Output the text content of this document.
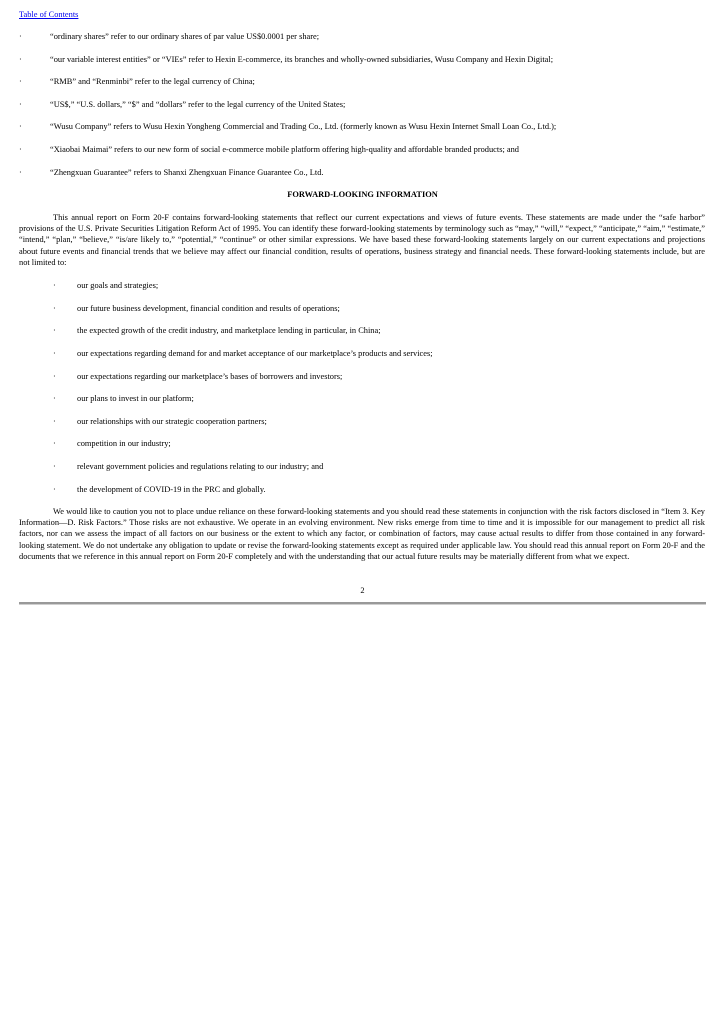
Table of Contents
·	“ordinary shares” refer to our ordinary shares of par value US$0.0001 per share;
·	“our variable interest entities” or “VIEs” refer to Hexin E-commerce, its branches and wholly-owned subsidiaries, Wusu Company and Hexin Digital;
·	“RMB” and “Renminbi” refer to the legal currency of China;
·	“US$,” “U.S. dollars,” “$” and “dollars” refer to the legal currency of the United States;
·	“Wusu Company” refers to Wusu Hexin Yongheng Commercial and Trading Co., Ltd. (formerly known as Wusu Hexin Internet Small Loan Co., Ltd.);
·	“Xiaobai Maimai” refers to our new form of social e-commerce mobile platform offering high-quality and affordable branded products; and
·	“Zhengxuan Guarantee” refers to Shanxi Zhengxuan Finance Guarantee Co., Ltd.
FORWARD-LOOKING INFORMATION

This annual report on Form 20-F contains forward-looking statements that reflect our current expectations and views of future events. These statements are made under the “safe harbor” provisions of the U.S. Private Securities Litigation Reform Act of 1995. You can identify these forward-looking statements by terminology such as “may,” “will,” “expect,” “anticipate,” “aim,” “estimate,” “intend,” “plan,” “believe,” “is/are likely to,” “potential,” “continue” or other similar expressions. We have based these forward-looking statements largely on our current expectations and projections about future events and financial trends that we believe may affect our financial condition, results of operations, business strategy and financial needs. These forward-looking statements include, but are not limited to:

·	our goals and strategies;
·	our future business development, financial condition and results of operations;
·	the expected growth of the credit industry, and marketplace lending in particular, in China;
·	our expectations regarding demand for and market acceptance of our marketplace’s products and services;
·	our expectations regarding our marketplace’s bases of borrowers and investors;
·	our plans to invest in our platform;
·	our relationships with our strategic cooperation partners;
·	competition in our industry;
·	relevant government policies and regulations relating to our industry; and
·	the development of COVID-19 in the PRC and globally.

We would like to caution you not to place undue reliance on these forward-looking statements and you should read these statements in conjunction with the risk factors disclosed in “Item 3. Key Information—D. Risk Factors.” Those risks are not exhaustive. We operate in an evolving environment. New risks emerge from time to time and it is impossible for our management to predict all risk factors, nor can we assess the impact of all factors on our business or the extent to which any factor, or combination of factors, may cause actual results to differ from those contained in any forward-looking statement. We do not undertake any obligation to update or revise the forward-looking statements except as required under applicable law. You should read this annual report on Form 20-F and the documents that we reference in this annual report on Form 20-F completely and with the understanding that our actual future results may be materially different from what we expect.

2
